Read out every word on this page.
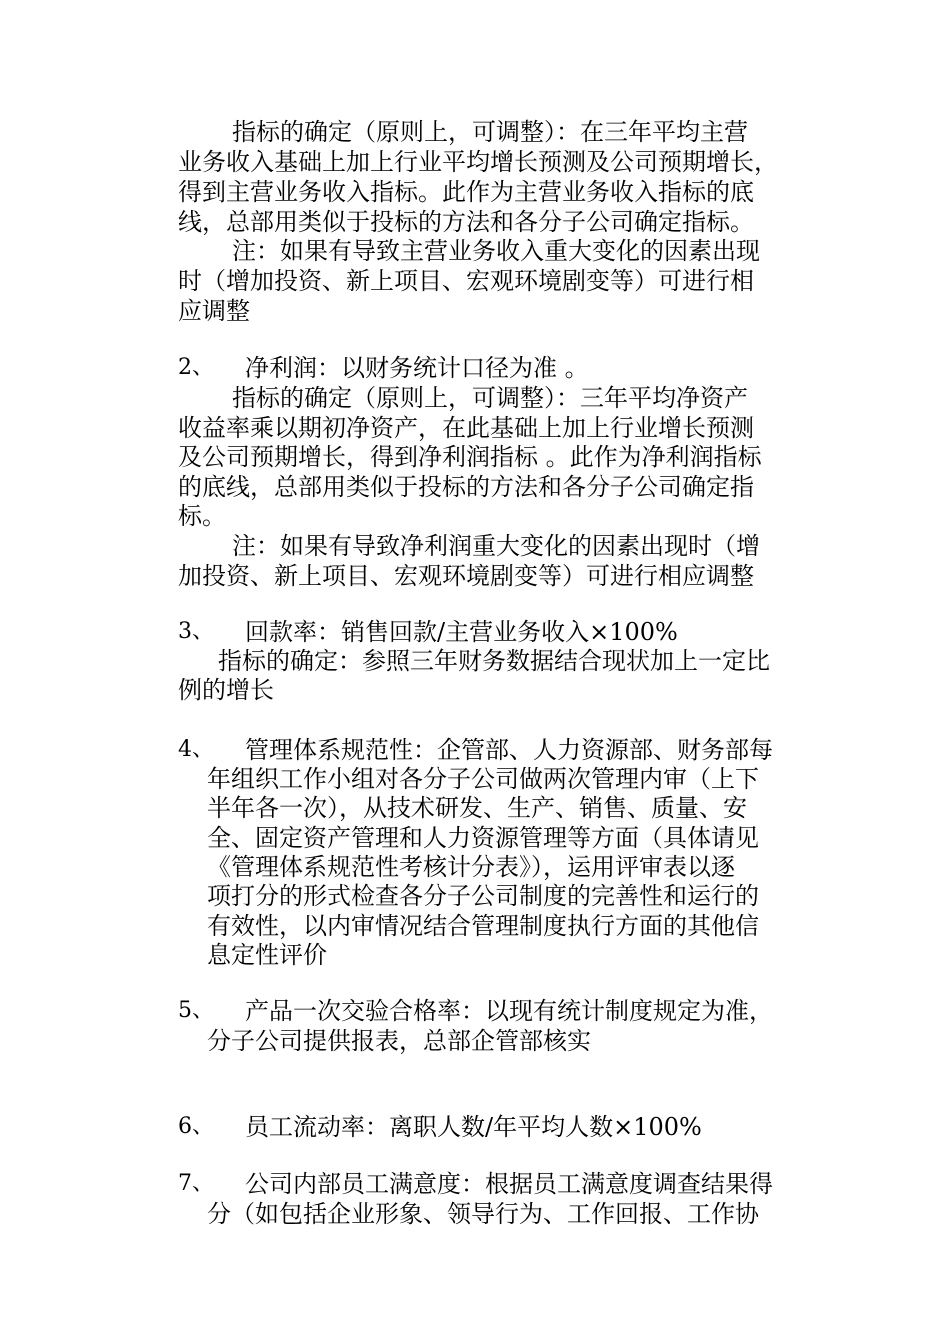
指标的确定（原则上，可调整）：在三年平均主营
业务收入基础上加上行业平均增长预测及公司预期增长，
得到主营业务收入指标。此作为主营业务收入指标的底
线，总部用类似于投标的方法和各分子公司确定指标。
注：如果有导致主营业务收入重大变化的因素出现
时（增加投资、新上项目、宏观环境剧变等）可进行相
应调整
2、 净利润：以财务统计口径为准 。
指标的确定（原则上，可调整）：三年平均净资产
收益率乘以期初净资产，在此基础上加上行业增长预测
及公司预期增长，得到净利润指标 。此作为净利润指标
的底线，总部用类似于投标的方法和各分子公司确定指
标。
注：如果有导致净利润重大变化的因素出现时（增
加投资、新上项目、宏观环境剧变等）可进行相应调整
3、 回款率：销售回款/主营业务收入×100%
指标的确定：参照三年财务数据结合现状加上一定比
例的增长
4、 管理体系规范性：企管部、人力资源部、财务部每
年组织工作小组对各分子公司做两次管理内审（上下
半年各一次），从技术研发、生产、销售、质量、安
全、固定资产管理和人力资源管理等方面（具体请见
《管理体系规范性考核计分表》），运用评审表以逐
项打分的形式检查各分子公司制度的完善性和运行的
有效性，以内审情况结合管理制度执行方面的其他信
息定性评价
5、 产品一次交验合格率：以现有统计制度规定为准，
分子公司提供报表，总部企管部核实
6、 员工流动率：离职人数/年平均人数×100%
7、 公司内部员工满意度：根据员工满意度调查结果得
分（如包括企业形象、领导行为、工作回报、工作协
